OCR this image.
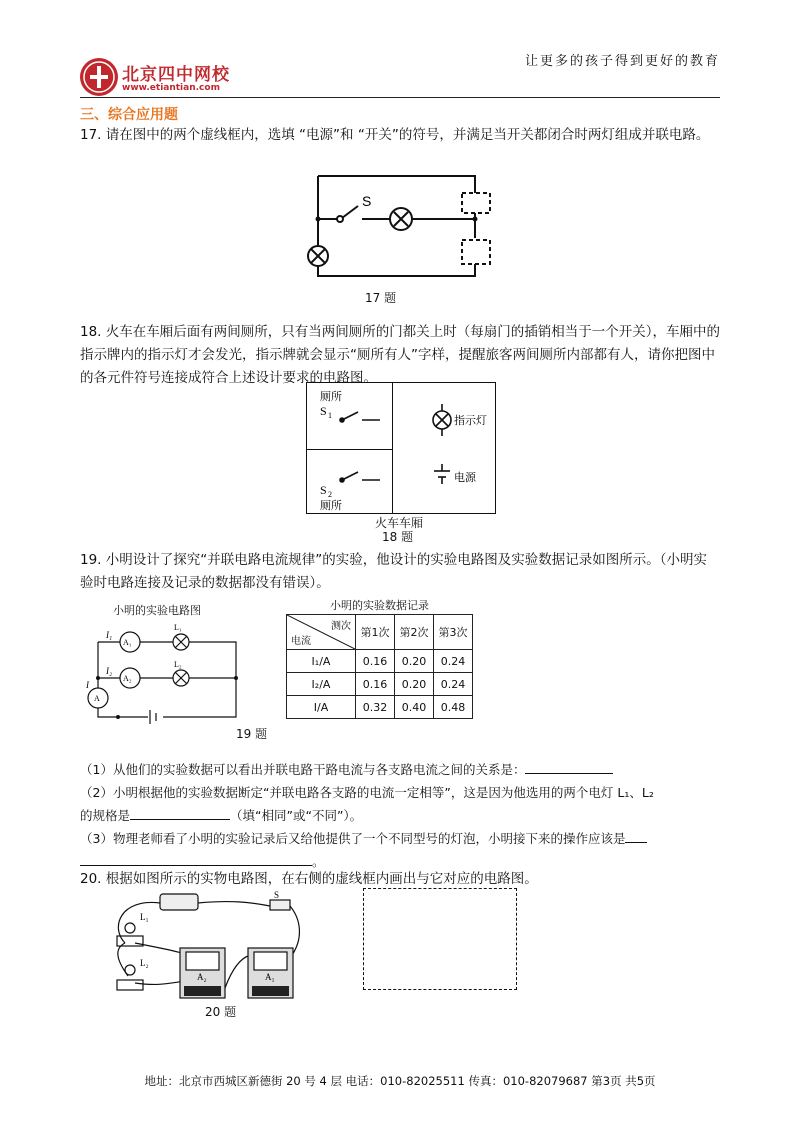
北京四中网校
www.etiantian.com
让更多的孩子得到更好的教育
三、综合应用题
17. 请在图中的两个虚线框内，选填 “电源”和 “开关”的符号，并满足当开关都闭合时两灯组成并联电路。
S
17 题
18. 火车在车厢后面有两间厕所，只有当两间厕所的门都关上时（每扇门的插销相当于一个开关），车厢中的指示牌内的指示灯才会发光，指示牌就会显示“厕所有人”字样，提醒旅客两间厕所内部都有人，请你把图中的各元件符号连接成符合上述设计要求的电路图。
厕所
S 1
S 2
厕所
指示灯
电源
火车车厢
18 题
19. 小明设计了探究“并联电路电流规律”的实验，他设计的实验电路图及实验数据记录如图所示。（小明实验时电路连接及记录的数据都没有错误）。
小明的实验电路图
I₁
I₂
I
A₁
A₂
A
L₁
L₂
19 题
小明的实验数据记录
测次
电流	第1次	第2次	第3次
I₁/A	0.16	0.20	0.24
I₂/A	0.16	0.20	0.24
I/A	0.32	0.40	0.48
（1）从他们的实验数据可以看出并联电路干路电流与各支路电流之间的关系是：
（2）小明根据他的实验数据断定“并联电路各支路的电流一定相等”，这是因为他选用的两个电灯 L₁、L₂
的规格是	（填“相同”或“不同”）。
（3）物理老师看了小明的实验记录后又给他提供了一个不同型号的灯泡，小明接下来的操作应该是
。
20. 根据如图所示的实物电路图，在右侧的虚线框内画出与它对应的电路图。
L₁
L₂
S
A₂	A₁
20 题
地址：北京市西城区新德街 20 号 4 层 电话：010-82025511 传真：010-82079687 第3页 共5页
